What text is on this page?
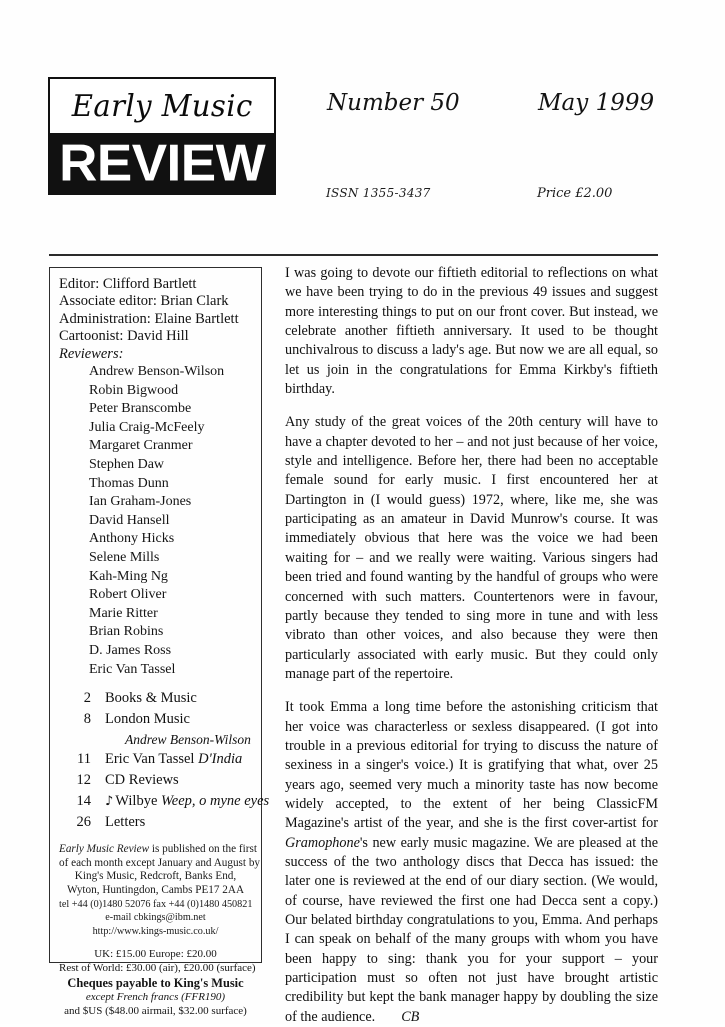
Early Music
REVIEW
Number 50	May 1999
ISSN 1355-3437	Price £2.00
Editor: Clifford Bartlett
Associate editor: Brian Clark
Administration: Elaine Bartlett
Cartoonist: David Hill
Reviewers:
Andrew Benson-Wilson
Robin Bigwood
Peter Branscombe
Julia Craig-McFeely
Margaret Cranmer
Stephen Daw
Thomas Dunn
Ian Graham-Jones
David Hansell
Anthony Hicks
Selene Mills
Kah-Ming Ng
Robert Oliver
Marie Ritter
Brian Robins
D. James Ross
Eric Van Tassel
2 Books & Music
8 London Music
Andrew Benson-Wilson
11 Eric Van Tassel D'India
12 CD Reviews
14	♪ Wilbye Weep, o myne eyes
26 Letters
Early Music Review is published on the first
of each month except January and August by
King's Music, Redcroft, Banks End,
Wyton, Huntingdon, Cambs PE17 2AA
tel +44 (0)1480 52076 fax +44 (0)1480 450821
e-mail cbkings@ibm.net
http://www.kings-music.co.uk/
UK: £15.00 Europe: £20.00
Rest of World: £30.00 (air), £20.00 (surface)
Cheques payable to King's Music
except French francs (FFR190)
and $US ($48.00 airmail, $32.00 surface)

I was going to devote our fiftieth editorial to reflections on what we have been trying to do in the previous 49 issues and suggest more interesting things to put on our front cover. But instead, we celebrate another fiftieth anniversary. It used to be thought unchivalrous to discuss a lady's age. But now we are all equal, so let us join in the congratulations for Emma Kirkby's fiftieth birthday.

Any study of the great voices of the 20th century will have to have a chapter devoted to her – and not just because of her voice, style and intelligence. Before her, there had been no acceptable female sound for early music. I first encountered her at Dartington in (I would guess) 1972, where, like me, she was participating as an amateur in David Munrow's course. It was immediately obvious that here was the voice we had been waiting for – and we really were waiting. Various singers had been tried and found wanting by the handful of groups who were concerned with such matters. Countertenors were in favour, partly because they tended to sing more in tune and with less vibrato than other voices, and also because they were then particularly associated with early music. But they could only manage part of the repertoire.

It took Emma a long time before the astonishing criticism that her voice was characterless or sexless disappeared. (I got into trouble in a previous editorial for trying to discuss the nature of sexiness in a singer's voice.) It is gratifying that what, over 25 years ago, seemed very much a minority taste has now become widely accepted, to the extent of her being ClassicFM Magazine's artist of the year, and she is the first cover-artist for Gramophone's new early music magazine. We are pleased at the success of the two anthology discs that Decca has issued: the later one is reviewed at the end of our diary section. (We would, of course, have reviewed the first one had Decca sent a copy.) Our belated birthday congratulations to you, Emma. And perhaps I can speak on behalf of the many groups with whom you have been happy to sing: thank you for your support – your participation must so often not just have brought artistic credibility but kept the bank manager happy by doubling the size of the audience. CB
